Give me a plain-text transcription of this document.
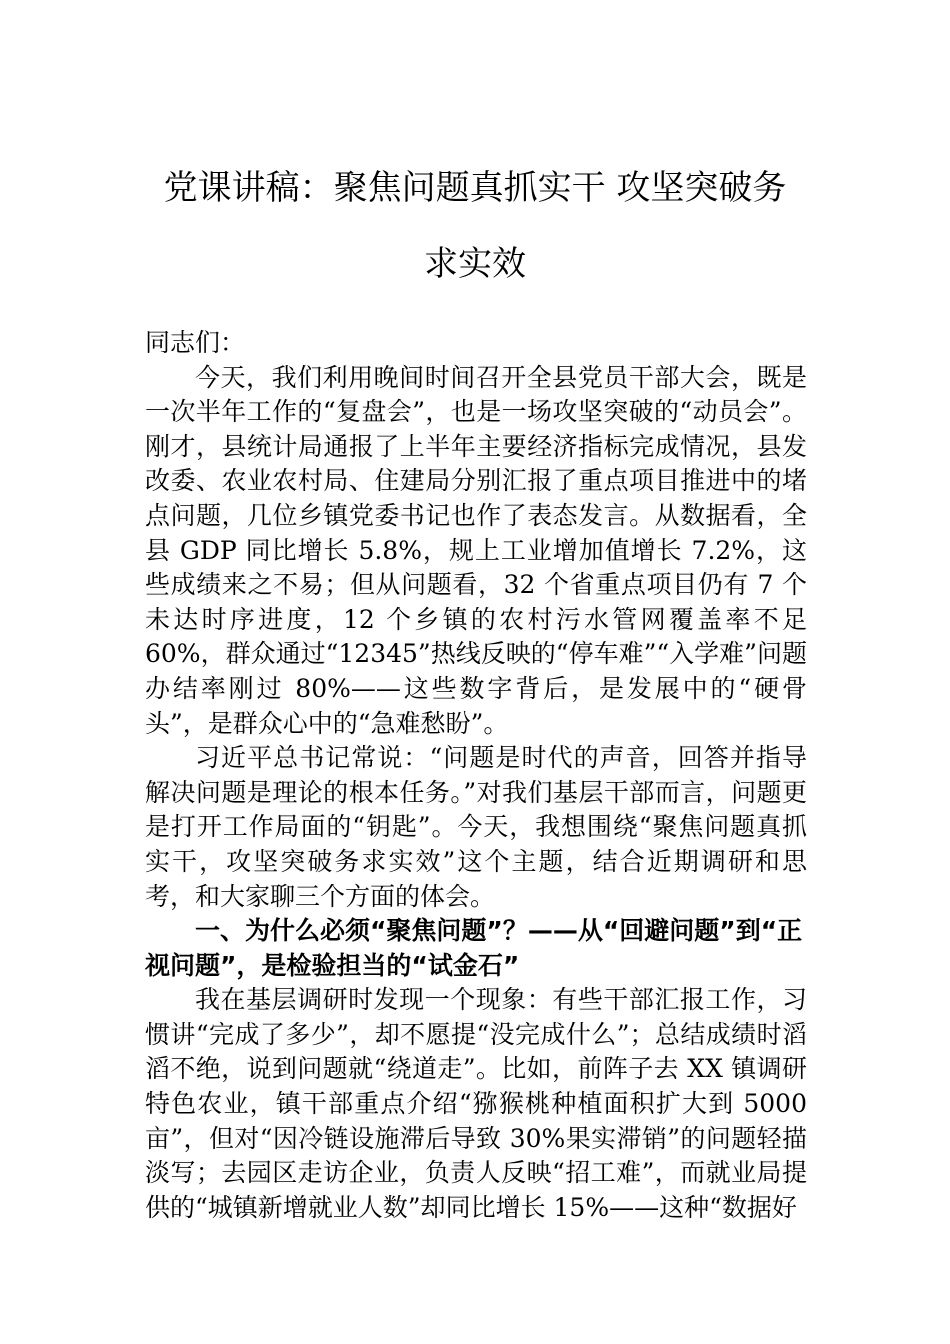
党课讲稿：聚焦问题真抓实干 攻坚突破务
求实效

同志们：

今天，我们利用晚间时间召开全县党员干部大会，既是一次半年工作的“复盘会”，也是一场攻坚突破的“动员会”。刚才，县统计局通报了上半年主要经济指标完成情况，县发改委、农业农村局、住建局分别汇报了重点项目推进中的堵点问题，几位乡镇党委书记也作了表态发言。从数据看，全县 GDP 同比增长 5.8%，规上工业增加值增长 7.2%，这些成绩来之不易；但从问题看，32 个省重点项目仍有 7 个未达时序进度，12 个乡镇的农村污水管网覆盖率不足 60%，群众通过“12345”热线反映的“停车难”“入学难”问题办结率刚过 80%——这些数字背后，是发展中的“硬骨头”，是群众心中的“急难愁盼”。

习近平总书记常说：“问题是时代的声音，回答并指导解决问题是理论的根本任务。”对我们基层干部而言，问题更是打开工作局面的“钥匙”。今天，我想围绕“聚焦问题真抓实干，攻坚突破务求实效”这个主题，结合近期调研和思考，和大家聊三个方面的体会。

一、为什么必须“聚焦问题”？——从“回避问题”到“正视问题”，是检验担当的“试金石”

我在基层调研时发现一个现象：有些干部汇报工作，习惯讲“完成了多少”，却不愿提“没完成什么”；总结成绩时滔滔不绝，说到问题就“绕道走”。比如，前阵子去 XX 镇调研特色农业，镇干部重点介绍“猕猴桃种植面积扩大到 5000 亩”，但对“因冷链设施滞后导致 30%果实滞销”的问题轻描淡写；去园区走访企业，负责人反映“招工难”，而就业局提供的“城镇新增就业人数”却同比增长 15%——这种“数据好
